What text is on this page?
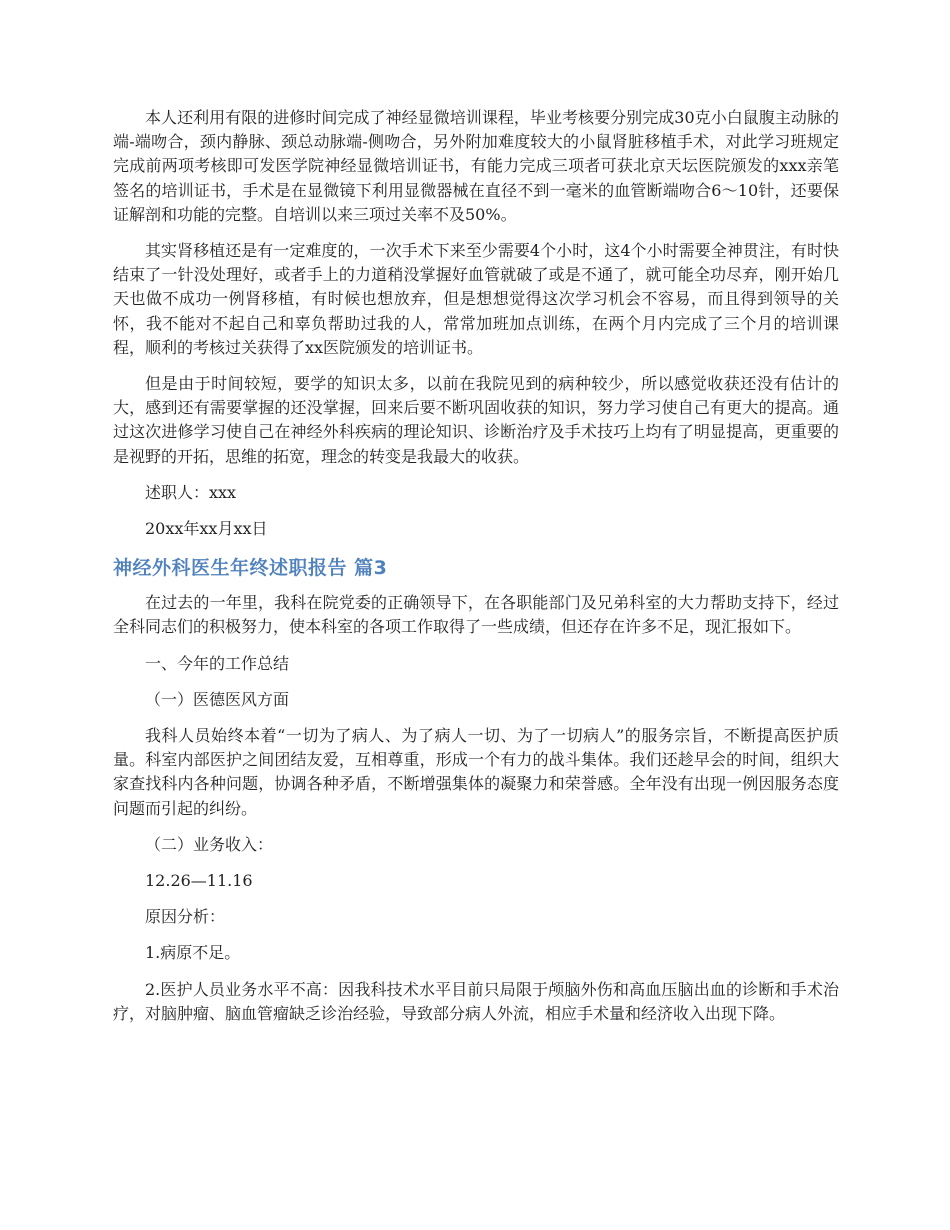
本人还利用有限的进修时间完成了神经显微培训课程，毕业考核要分别完成30克小白鼠腹主动脉的端-端吻合，颈内静脉、颈总动脉端-侧吻合，另外附加难度较大的小鼠肾脏移植手术，对此学习班规定完成前两项考核即可发医学院神经显微培训证书，有能力完成三项者可获北京天坛医院颁发的xxx亲笔签名的培训证书，手术是在显微镜下利用显微器械在直径不到一毫米的血管断端吻合6～10针，还要保证解剖和功能的完整。自培训以来三项过关率不及50%。

其实肾移植还是有一定难度的，一次手术下来至少需要4个小时，这4个小时需要全神贯注，有时快结束了一针没处理好，或者手上的力道稍没掌握好血管就破了或是不通了，就可能全功尽弃，刚开始几天也做不成功一例肾移植，有时候也想放弃，但是想想觉得这次学习机会不容易，而且得到领导的关怀，我不能对不起自己和辜负帮助过我的人，常常加班加点训练，在两个月内完成了三个月的培训课程，顺利的考核过关获得了xx医院颁发的培训证书。

但是由于时间较短，要学的知识太多，以前在我院见到的病种较少，所以感觉收获还没有估计的大，感到还有需要掌握的还没掌握，回来后要不断巩固收获的知识，努力学习使自己有更大的提高。通过这次进修学习使自己在神经外科疾病的理论知识、诊断治疗及手术技巧上均有了明显提高，更重要的是视野的开拓，思维的拓宽，理念的转变是我最大的收获。

述职人：xxx

20xx年xx月xx日

神经外科医生年终述职报告 篇3

在过去的一年里，我科在院党委的正确领导下，在各职能部门及兄弟科室的大力帮助支持下，经过全科同志们的积极努力，使本科室的各项工作取得了一些成绩，但还存在许多不足，现汇报如下。

一、今年的工作总结

（一）医德医风方面

我科人员始终本着“一切为了病人、为了病人一切、为了一切病人”的服务宗旨，不断提高医护质量。科室内部医护之间团结友爱，互相尊重，形成一个有力的战斗集体。我们还趁早会的时间，组织大家查找科内各种问题，协调各种矛盾，不断增强集体的凝聚力和荣誉感。全年没有出现一例因服务态度问题而引起的纠纷。

（二）业务收入：

12.26—11.16

原因分析：

1.病原不足。

2.医护人员业务水平不高：因我科技术水平目前只局限于颅脑外伤和高血压脑出血的诊断和手术治疗，对脑肿瘤、脑血管瘤缺乏诊治经验，导致部分病人外流，相应手术量和经济收入出现下降。
